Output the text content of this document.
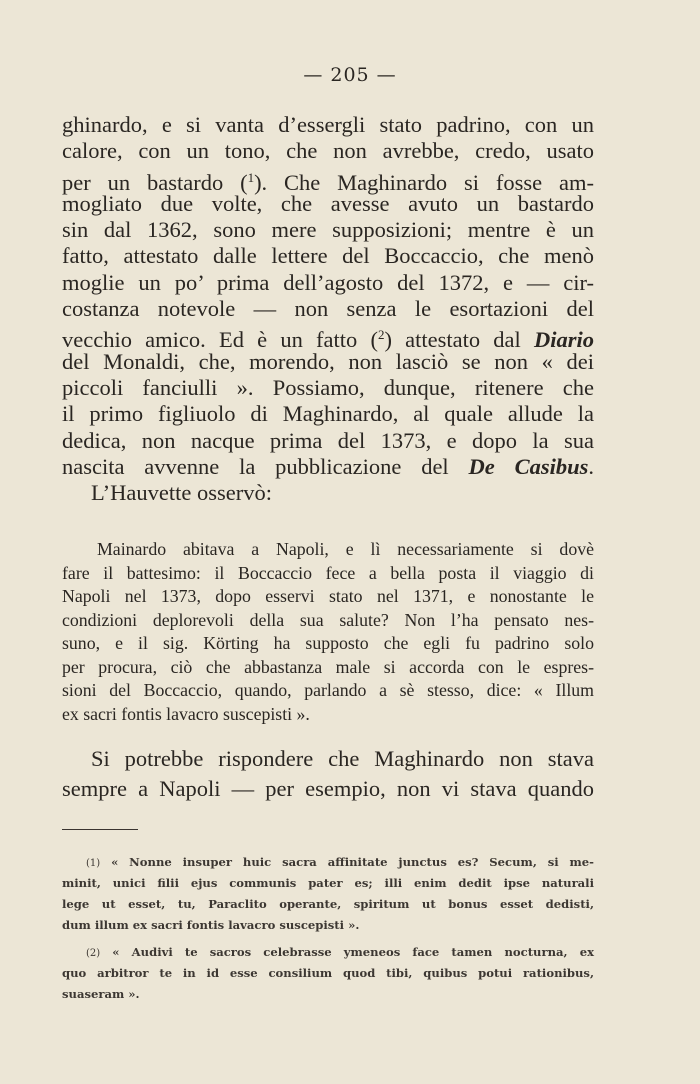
— 205 —
ghinardo, e si vanta d’essergli stato padrino, con un
calore, con un tono, che non avrebbe, credo, usato
per un bastardo ($^1$). Che Maghinardo si fosse am-
mogliato due volte, che avesse avuto un bastardo
sin dal 1362, sono mere supposizioni; mentre è un
fatto, attestato dalle lettere del Boccaccio, che menò
moglie un po’ prima dell’agosto del 1372, e — cir-
costanza notevole — non senza le esortazioni del
vecchio amico. Ed è un fatto ($^2$) attestato dal Diario
del Monaldi, che, morendo, non lasciò se non « dei
piccoli fanciulli ». Possiamo, dunque, ritenere che
il primo figliuolo di Maghinardo, al quale allude la
dedica, non nacque prima del 1373, e dopo la sua
nascita avvenne la pubblicazione del De Casibus.
L’Hauvette osservò:
Mainardo abitava a Napoli, e lì necessariamente si dovè
fare il battesimo: il Boccaccio fece a bella posta il viaggio di
Napoli nel 1373, dopo esservi stato nel 1371, e nonostante le
condizioni deplorevoli della sua salute? Non l’ha pensato nes-
suno, e il sig. Körting ha supposto che egli fu padrino solo
per procura, ciò che abbastanza male si accorda con le espres-
sioni del Boccaccio, quando, parlando a sè stesso, dice: « Illum
ex sacri fontis lavacro suscepisti ».
Si potrebbe rispondere che Maghinardo non stava
sempre a Napoli — per esempio, non vi stava quando
(1) « Nonne insuper huic sacra affinitate junctus es? Secum, si me-
minit, unici filii ejus communis pater es; illi enim dedit ipse naturali
lege ut esset, tu, Paraclito operante, spiritum ut bonus esset dedisti,
dum illum ex sacri fontis lavacro suscepisti ».
(2) « Audivi te sacros celebrasse ymeneos face tamen nocturna, ex
quo arbitror te in id esse consilium quod tibi, quibus potui rationibus,
suaseram ».
